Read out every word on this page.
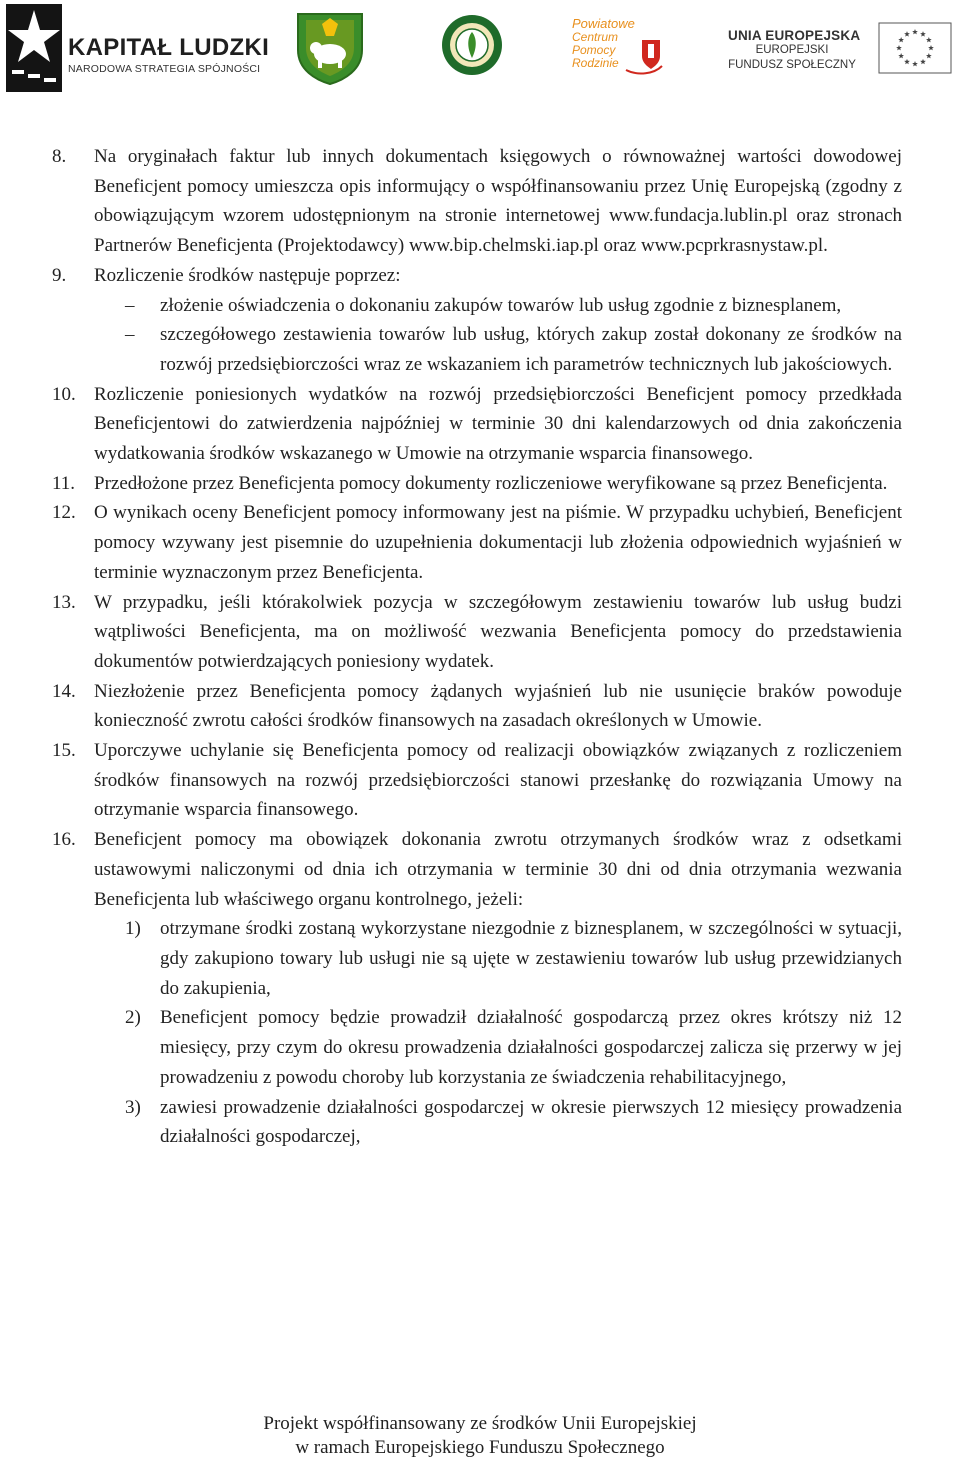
KAPITAŁ LUDZKI
NARODOWA STRATEGIA SPÓJNOŚCI
Powiatowe
Centrum
Pomocy
Rodzinie
UNIA EUROPEJSKA
EUROPEJSKI
FUNDUSZ SPOŁECZNY

8. Na oryginałach faktur lub innych dokumentach księgowych o równoważnej wartości dowodowej Beneficjent pomocy umieszcza opis informujący o współfinansowaniu przez Unię Europejską (zgodny z obowiązującym wzorem udostępnionym na stronie internetowej www.fundacja.lublin.pl oraz stronach Partnerów Beneficjenta (Projektodawcy) www.bip.chelmski.iap.pl oraz www.pcprkrasnystaw.pl.

9. Rozliczenie środków następuje poprzez:

– złożenie oświadczenia o dokonaniu zakupów towarów lub usług zgodnie z biznesplanem,

– szczegółowego zestawienia towarów lub usług, których zakup został dokonany ze środków na rozwój przedsiębiorczości wraz ze wskazaniem ich parametrów technicznych lub jakościowych.

10. Rozliczenie poniesionych wydatków na rozwój przedsiębiorczości Beneficjent pomocy przedkłada Beneficjentowi do zatwierdzenia najpóźniej w terminie 30 dni kalendarzowych od dnia zakończenia wydatkowania środków wskazanego w Umowie na otrzymanie wsparcia finansowego.

11. Przedłożone przez Beneficjenta pomocy dokumenty rozliczeniowe weryfikowane są przez Beneficjenta.

12. O wynikach oceny Beneficjent pomocy informowany jest na piśmie. W przypadku uchybień, Beneficjent pomocy wzywany jest pisemnie do uzupełnienia dokumentacji lub złożenia odpowiednich wyjaśnień w terminie wyznaczonym przez Beneficjenta.

13. W przypadku, jeśli którakolwiek pozycja w szczegółowym zestawieniu towarów lub usług budzi wątpliwości Beneficjenta, ma on możliwość wezwania Beneficjenta pomocy do przedstawienia dokumentów potwierdzających poniesiony wydatek.

14. Niezłożenie przez Beneficjenta pomocy żądanych wyjaśnień lub nie usunięcie braków powoduje konieczność zwrotu całości środków finansowych na zasadach określonych w Umowie.

15. Uporczywe uchylanie się Beneficjenta pomocy od realizacji obowiązków związanych z rozliczeniem środków finansowych na rozwój przedsiębiorczości stanowi przesłankę do rozwiązania Umowy na otrzymanie wsparcia finansowego.

16. Beneficjent pomocy ma obowiązek dokonania zwrotu otrzymanych środków wraz z odsetkami ustawowymi naliczonymi od dnia ich otrzymania w terminie 30 dni od dnia otrzymania wezwania Beneficjenta lub właściwego organu kontrolnego, jeżeli:

1) otrzymane środki zostaną wykorzystane niezgodnie z biznesplanem, w szczególności w sytuacji, gdy zakupiono towary lub usługi nie są ujęte w zestawieniu towarów lub usług przewidzianych do zakupienia,

2) Beneficjent pomocy będzie prowadził działalność gospodarczą przez okres krótszy niż 12 miesięcy, przy czym do okresu prowadzenia działalności gospodarczej zalicza się przerwy w jej prowadzeniu z powodu choroby lub korzystania ze świadczenia rehabilitacyjnego,

3) zawiesi prowadzenie działalności gospodarczej w okresie pierwszych 12 miesięcy prowadzenia działalności gospodarczej,

Projekt współfinansowany ze środków Unii Europejskiej
w ramach Europejskiego Funduszu Społecznego
